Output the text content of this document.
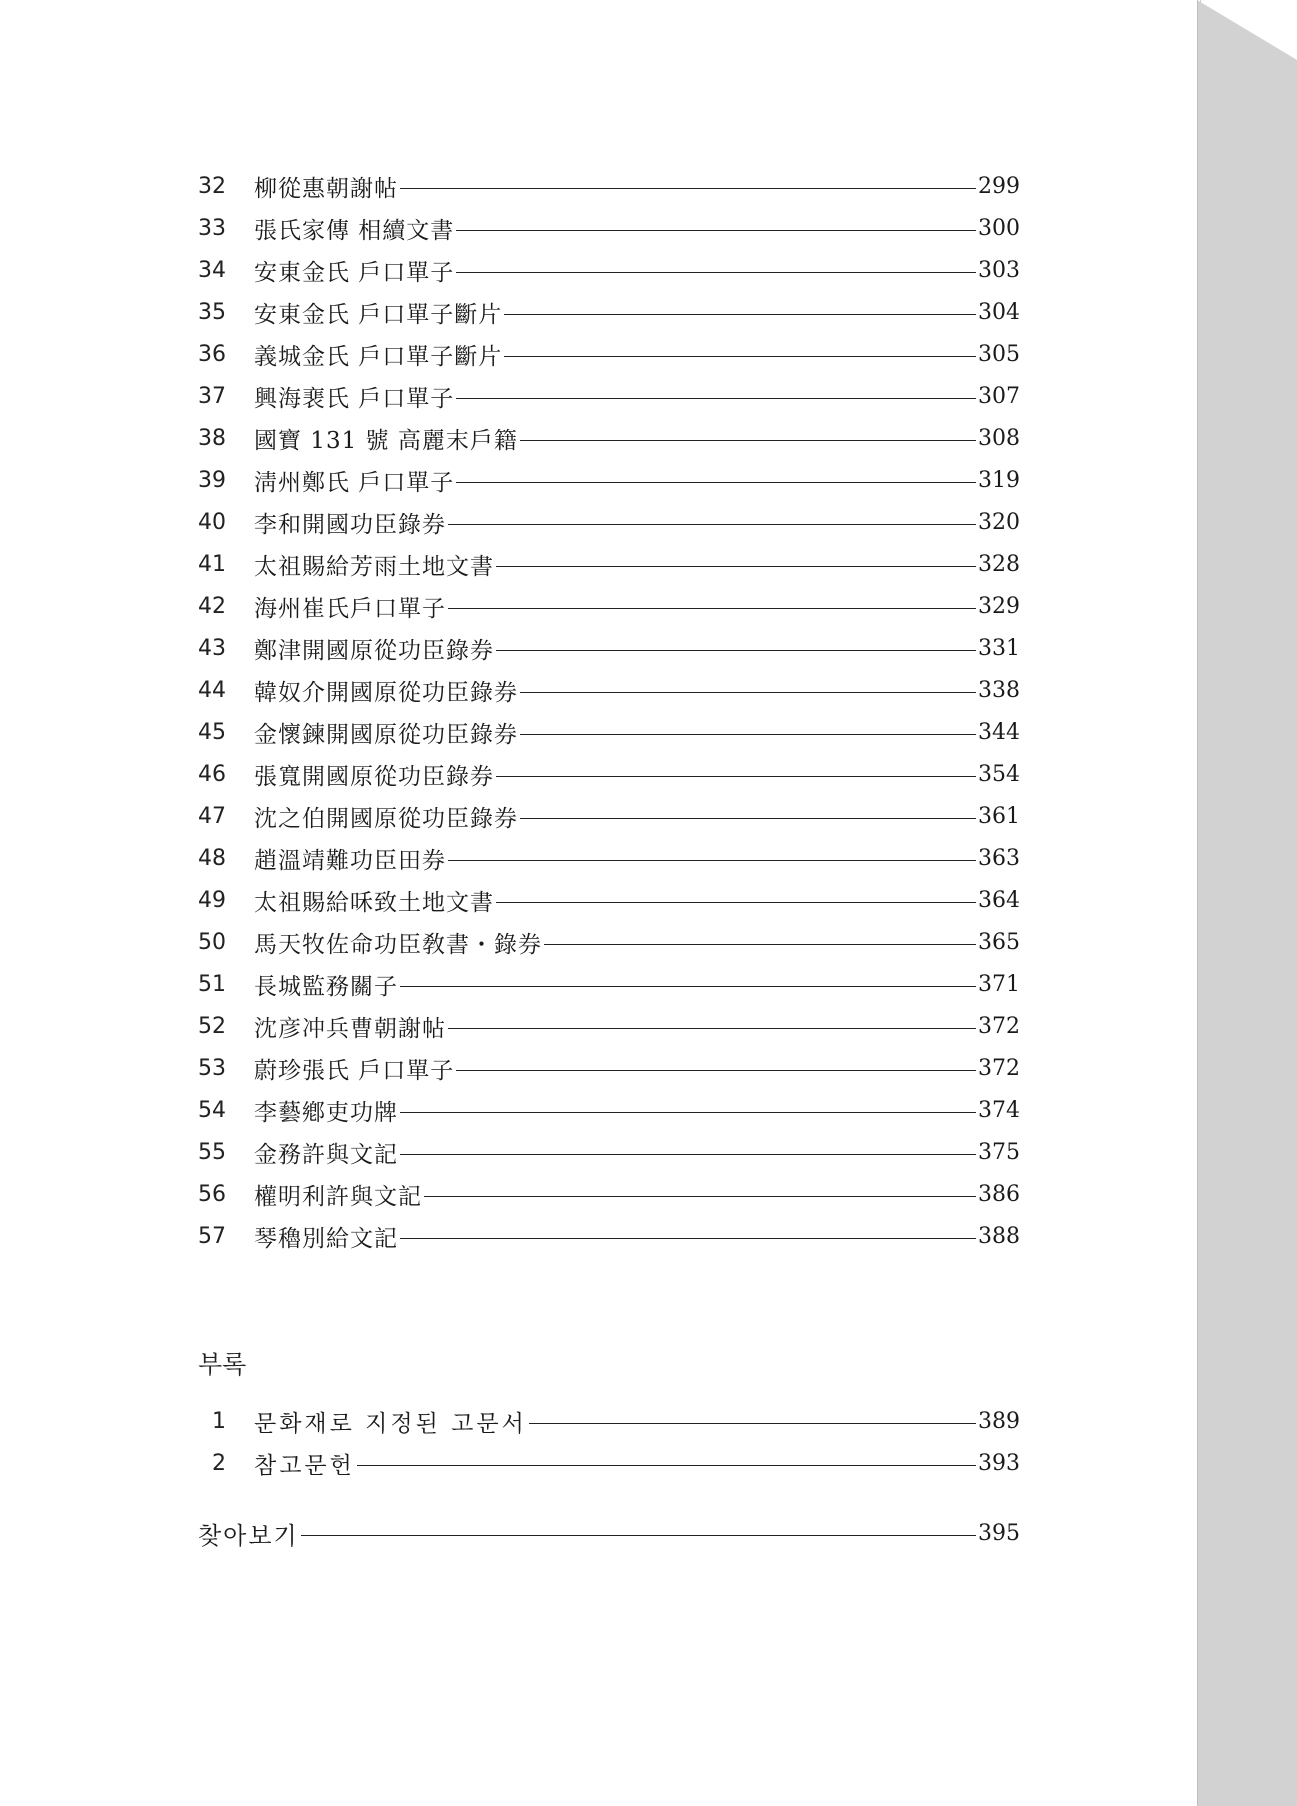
32	柳從惠朝謝帖	299
33	張氏家傳 相續文書	300
34	安東金氏 戶口單子	303
35	安東金氏 戶口單子斷片	304
36	義城金氏 戶口單子斷片	305
37	興海裵氏 戶口單子	307
38	國寶 131 號 高麗末戶籍	308
39	淸州鄭氏 戶口單子	319
40	李和開國功臣錄券	320
41	太祖賜給芳雨土地文書	328
42	海州崔氏戶口單子	329
43	鄭津開國原從功臣錄券	331
44	韓奴介開國原從功臣錄券	338
45	金懷鍊開國原從功臣錄券	344
46	張寬開國原從功臣錄券	354
47	沈之伯開國原從功臣錄券	361
48	趙溫靖難功臣田券	363
49	太祖賜給咊致土地文書	364
50	馬天牧佐命功臣敎書・錄券	365
51	長城監務關子	371
52	沈彦冲兵曹朝謝帖	372
53	蔚珍張氏 戶口單子	372
54	李藝鄕吏功牌	374
55	金務許與文記	375
56	權明利許與文記	386
57	琴穭別給文記	388
부록
1	문화재로 지정된 고문서	389
2	참고문헌	393
찾아보기	395
